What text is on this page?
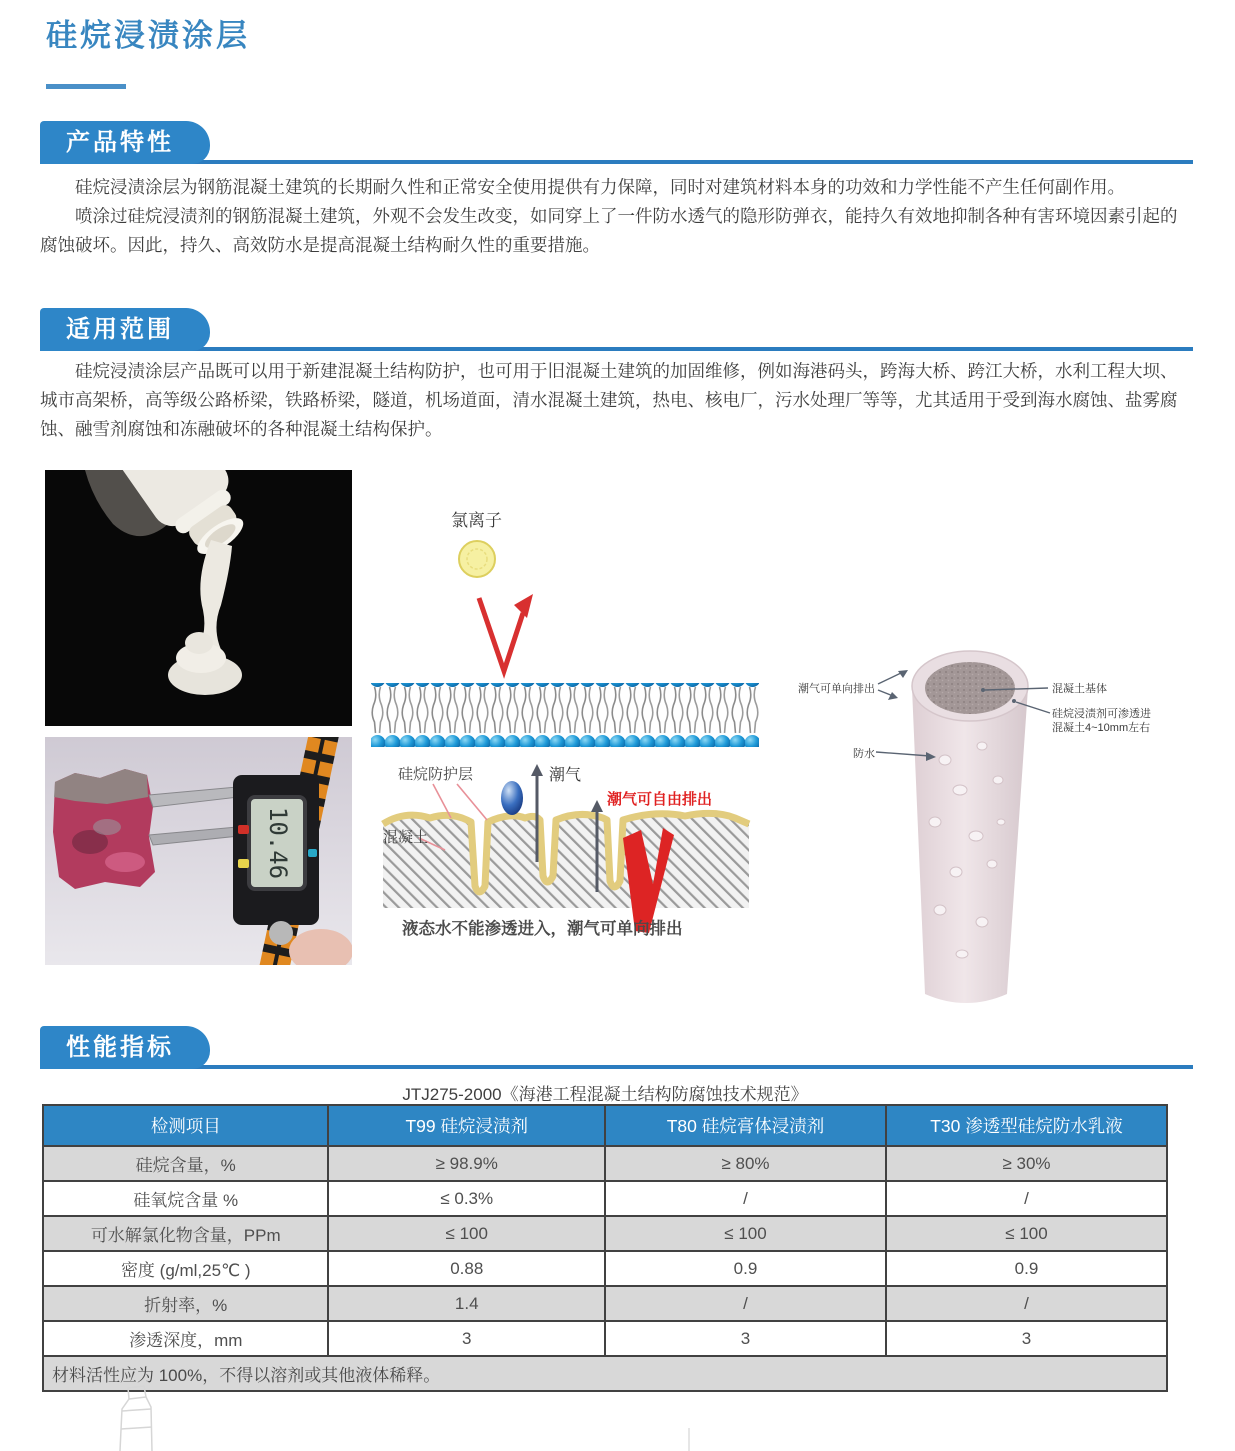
硅烷浸渍涂层
产品特性

硅烷浸渍涂层为钢筋混凝土建筑的长期耐久性和正常安全使用提供有力保障，同时对建筑材料本身的功效和力学性能不产生任何副作用。

喷涂过硅烷浸渍剂的钢筋混凝土建筑，外观不会发生改变，如同穿上了一件防水透气的隐形防弹衣，能持久有效地抑制各种有害环境因素引起的腐蚀破坏。因此，持久、高效防水是提高混凝土结构耐久性的重要措施。

适用范围

硅烷浸渍涂层产品既可以用于新建混凝土结构防护，也可用于旧混凝土建筑的加固维修，例如海港码头，跨海大桥、跨江大桥，水利工程大坝、城市高架桥，高等级公路桥梁，铁路桥梁，隧道，机场道面，清水混凝土建筑，热电、核电厂，污水处理厂等等，尤其适用于受到海水腐蚀、盐雾腐蚀、融雪剂腐蚀和冻融破坏的各种混凝土结构保护。

氯离子
10.46
硅烷防护层
混凝土
潮气
潮气可自由排出
液态水不能渗透进入，潮气可单向排出
潮气可单向排出
防水
混凝土基体
硅烷浸渍剂可渗透进
混凝土4~10mm左右
性能指标
JTJ275-2000《海港工程混凝土结构防腐蚀技术规范》
检测项目	T99 硅烷浸渍剂	T80 硅烷膏体浸渍剂	T30 渗透型硅烷防水乳液
硅烷含量，%	≥ 98.9%	≥ 80%	≥ 30%
硅氧烷含量 %	≤ 0.3%	/	/
可水解氯化物含量，PPm	≤ 100	≤ 100	≤ 100
密度 (g/ml,25℃ )	0.88	0.9	0.9
折射率，%	1.4	/	/
渗透深度，mm	3	3	3
材料活性应为 100%，不得以溶剂或其他液体稀释。			
